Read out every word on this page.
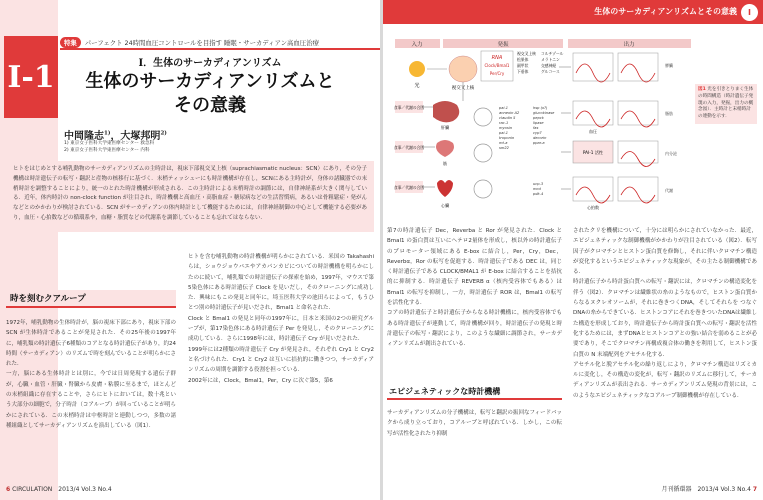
I-1
特集 パーフェクト 24時間血圧コントロールを目指す 睡眠・サーカディアン高血圧治療
I．生体のサーカディアンリズム
生体のサーカディアンリズムと
その意義
中岡隆志$^{1)}$，大塚邦明$^{2)}$
1) 東京女子医科大学東医療センター 救急科
2) 東京女子医科大学東医療センター 内科
ヒトをはじめとする哺乳動物のサーカディアンリズムの主時計は，視床下部視交叉上核（suprachiasmatic nucleus：SCN）にあり，その分子機構は時計遺伝子の転写・翻訳と産物の核移行に基づく．末梢ティッシューにも時計機構が存在し，SCNにある主時計が，身体の諸臓器での末梢時計を調整することにより，統一のとれた時計機構が形成される．この主時計による末梢時計の調節には，自律神経系が大きく関与している．近年，体内時計の non-clock function が注目され，時計機構と高血圧・高脂血症・糖尿病などの生活習慣病，あるいは骨粗鬆症・発がんなどとのかかわりが検討されている．SCN がサーカディアンの体内時計として機能するためには，自律神経制御の中心として機能する必要があり，血圧・心拍数などの循環系や，血糖・脂質などの代謝系を調節していることも忘れてはならない．
時を刻むクアループ
1972年，哺乳動物の生体時計が，脳の視床下部にあり，視床下部の SCN が生体時計であることが発見された．その25年後の1997年に，哺乳類の時計遺伝子6種類のコアとなる時計遺伝子があり，約24時間（サーカディアン）のリズムで時を刻んでいることが明らかにされた．
一方，脳にある生体時計とは別に，今では日周発現する遺伝子群が，心臓・血管・肝臓・腎臓から皮膚・粘膜に至るまで，ほとんどの末梢組織に存在することや，さらにヒトにおいては，数十兆という大部分の細胞で，分子時計（コアループ）が回っていることが明らかにされている．この末梢時計は中枢時計と連動しつつ，多数の諸種組織としてサーカディアンリズムを演出している（図1）．
ヒトを含む哺乳動物の時計機構が明らかにされている．米国の Takahashi らは，ショウジョウバエやアカパンカビについての時計機構を明らかにしたのに続いて，哺乳類での時計遺伝子の探索を始め，1997年，マウスで第5染色体にある時計遺伝子 Clock を見いだし，そのクローニングに成功した．興味にもこの発見と同年に，埼玉医科大学の池田らによって，もうひとつ別の時計遺伝子が見いだされ，Bmal1 と命名された．
Clock と Bmal1 の発見と同年の1997年に，日本と米国の2つの研究グループが，第17染色体にある時計遺伝子 Per を発見し，そのクローニングに成功している．さらに1998年には，時計遺伝子 Cry が見いだされた．
1999年には2種類の時計遺伝子 Cry が発見され，それぞれ Cry1 と Cry2 と名づけられた．Cry1 と Cry2 は互いに拮抗的に働きつつ，サーカディアンリズムの周期を調節する役割を担っている．
2002年には，Clock，Bmal1，Per，Cry に次ぐ第5，第6
6 CIRCULATION　2013/4 Vol.3 No.4
生体のサーカディアンリズムとその意義	I
入力	発振	出力
光	視交叉上核
RNA
Clock/Bmal1
Per/Cry
視交叉上核
松果体
副甲状
下垂体
コルチゾール
メラトニン
交感神経
グルコース
食事／代謝の合図
食事／代謝の合図
食事／代謝の合図
肝臓
筋
心臓
pai-1
annexin A2
claudin 5
rac-1
myosin
pai-1
troponin
mt-a
sm22
hsp (x?)
glucokinase
pepck
lipase
fas
cyp7
decorin
ppar-a
ucp-3
mcd
pdk-4
血圧
PAI-1 活性
心拍数
膵臓
脂肪
内分泌
代謝
図1 光を引きとりまく生体の時間構造（時計遺伝子発現の入力，発振，出力の概念図）．主時計と末梢時計の連動を示す．
第7の時計遺伝子 Dec，Reverba と Ror が発見された．Clock と Bmal1 の蛋白質は互いにヘテロ2量体を形成し，核以外の時計遺伝子のプロモーター領域にある E-box に結合し，Per，Cry，Dec，Reverbα，Ror の転写を促進する．時計遺伝子である DEC は，同じく時計遺伝子である CLOCK/BMAL1 が E-box に結合することを拮抗的に抑制する．時計遺伝子 REVERB α（核内受容体でもある）は Bmal1 の転写を抑制し，一方，時計遺伝子 ROR は，Bmal1 の転写を活性化する．
コアの時計遺伝子と時計遺伝子からなる時計機構に，核内受容体でもある時計遺伝子が連動して，時計機構が回り，時計遺伝子の発現と時計遺伝子の転写・翻訳により，このような繊細に調節され，サーカディアンリズムが創出されている．
エピジェネティックな時計機構
サーカディアンリズムの分子機構は，転写と翻訳の振回なフィードバックから成り立っており，コアループと呼ばれている．しかし，この転写が活性化されたり抑制
されたクリを機構について，十分には明らかにされていなかった．最近，エピジェネティックな制御機構がかかわりが注目されている（図2）．転写因子がクロマチンとヒストン蛋白質を修飾し，それに伴いクロマチン構造が変化するというエピジェネティックな現象が，その主たる制御機構である．
時計遺伝子から時計蛋白質への転写・翻訳には，クロマチンの構造変化を伴う（図2）．クロマチンは繊維状の糸のようなもので，ヒストン蛋白質からなるヌクレオソームが，それに巻きつくDNA，そしてそれらを つなぐDNAの糸からできている．ヒストンコアにそれを巻きついたDNAは繊維した構造を形成しており，時計遺伝子から時計蛋白質への転写・翻訳を活性化するためには，まずDNAとヒストンコアとの強い結合を弱めることが必要であり，そこでクロマチン再構成複合体の働きを利用して，ヒストン蛋白質の N 末端配列をアセチル化する．
アセチル化と脱アセチル化の繰り返しにより，クロマチン構造はリズミカルに変化し，その構造の変化が，転写・翻訳のリズムに移行して，サーカディアンリズムが表出される．サーカディアンリズム発現の背景には，このようなエピジェネティックなコアループ制御機構が存在している．
月刊循環器　2013/4 Vol.3 No.4 7
